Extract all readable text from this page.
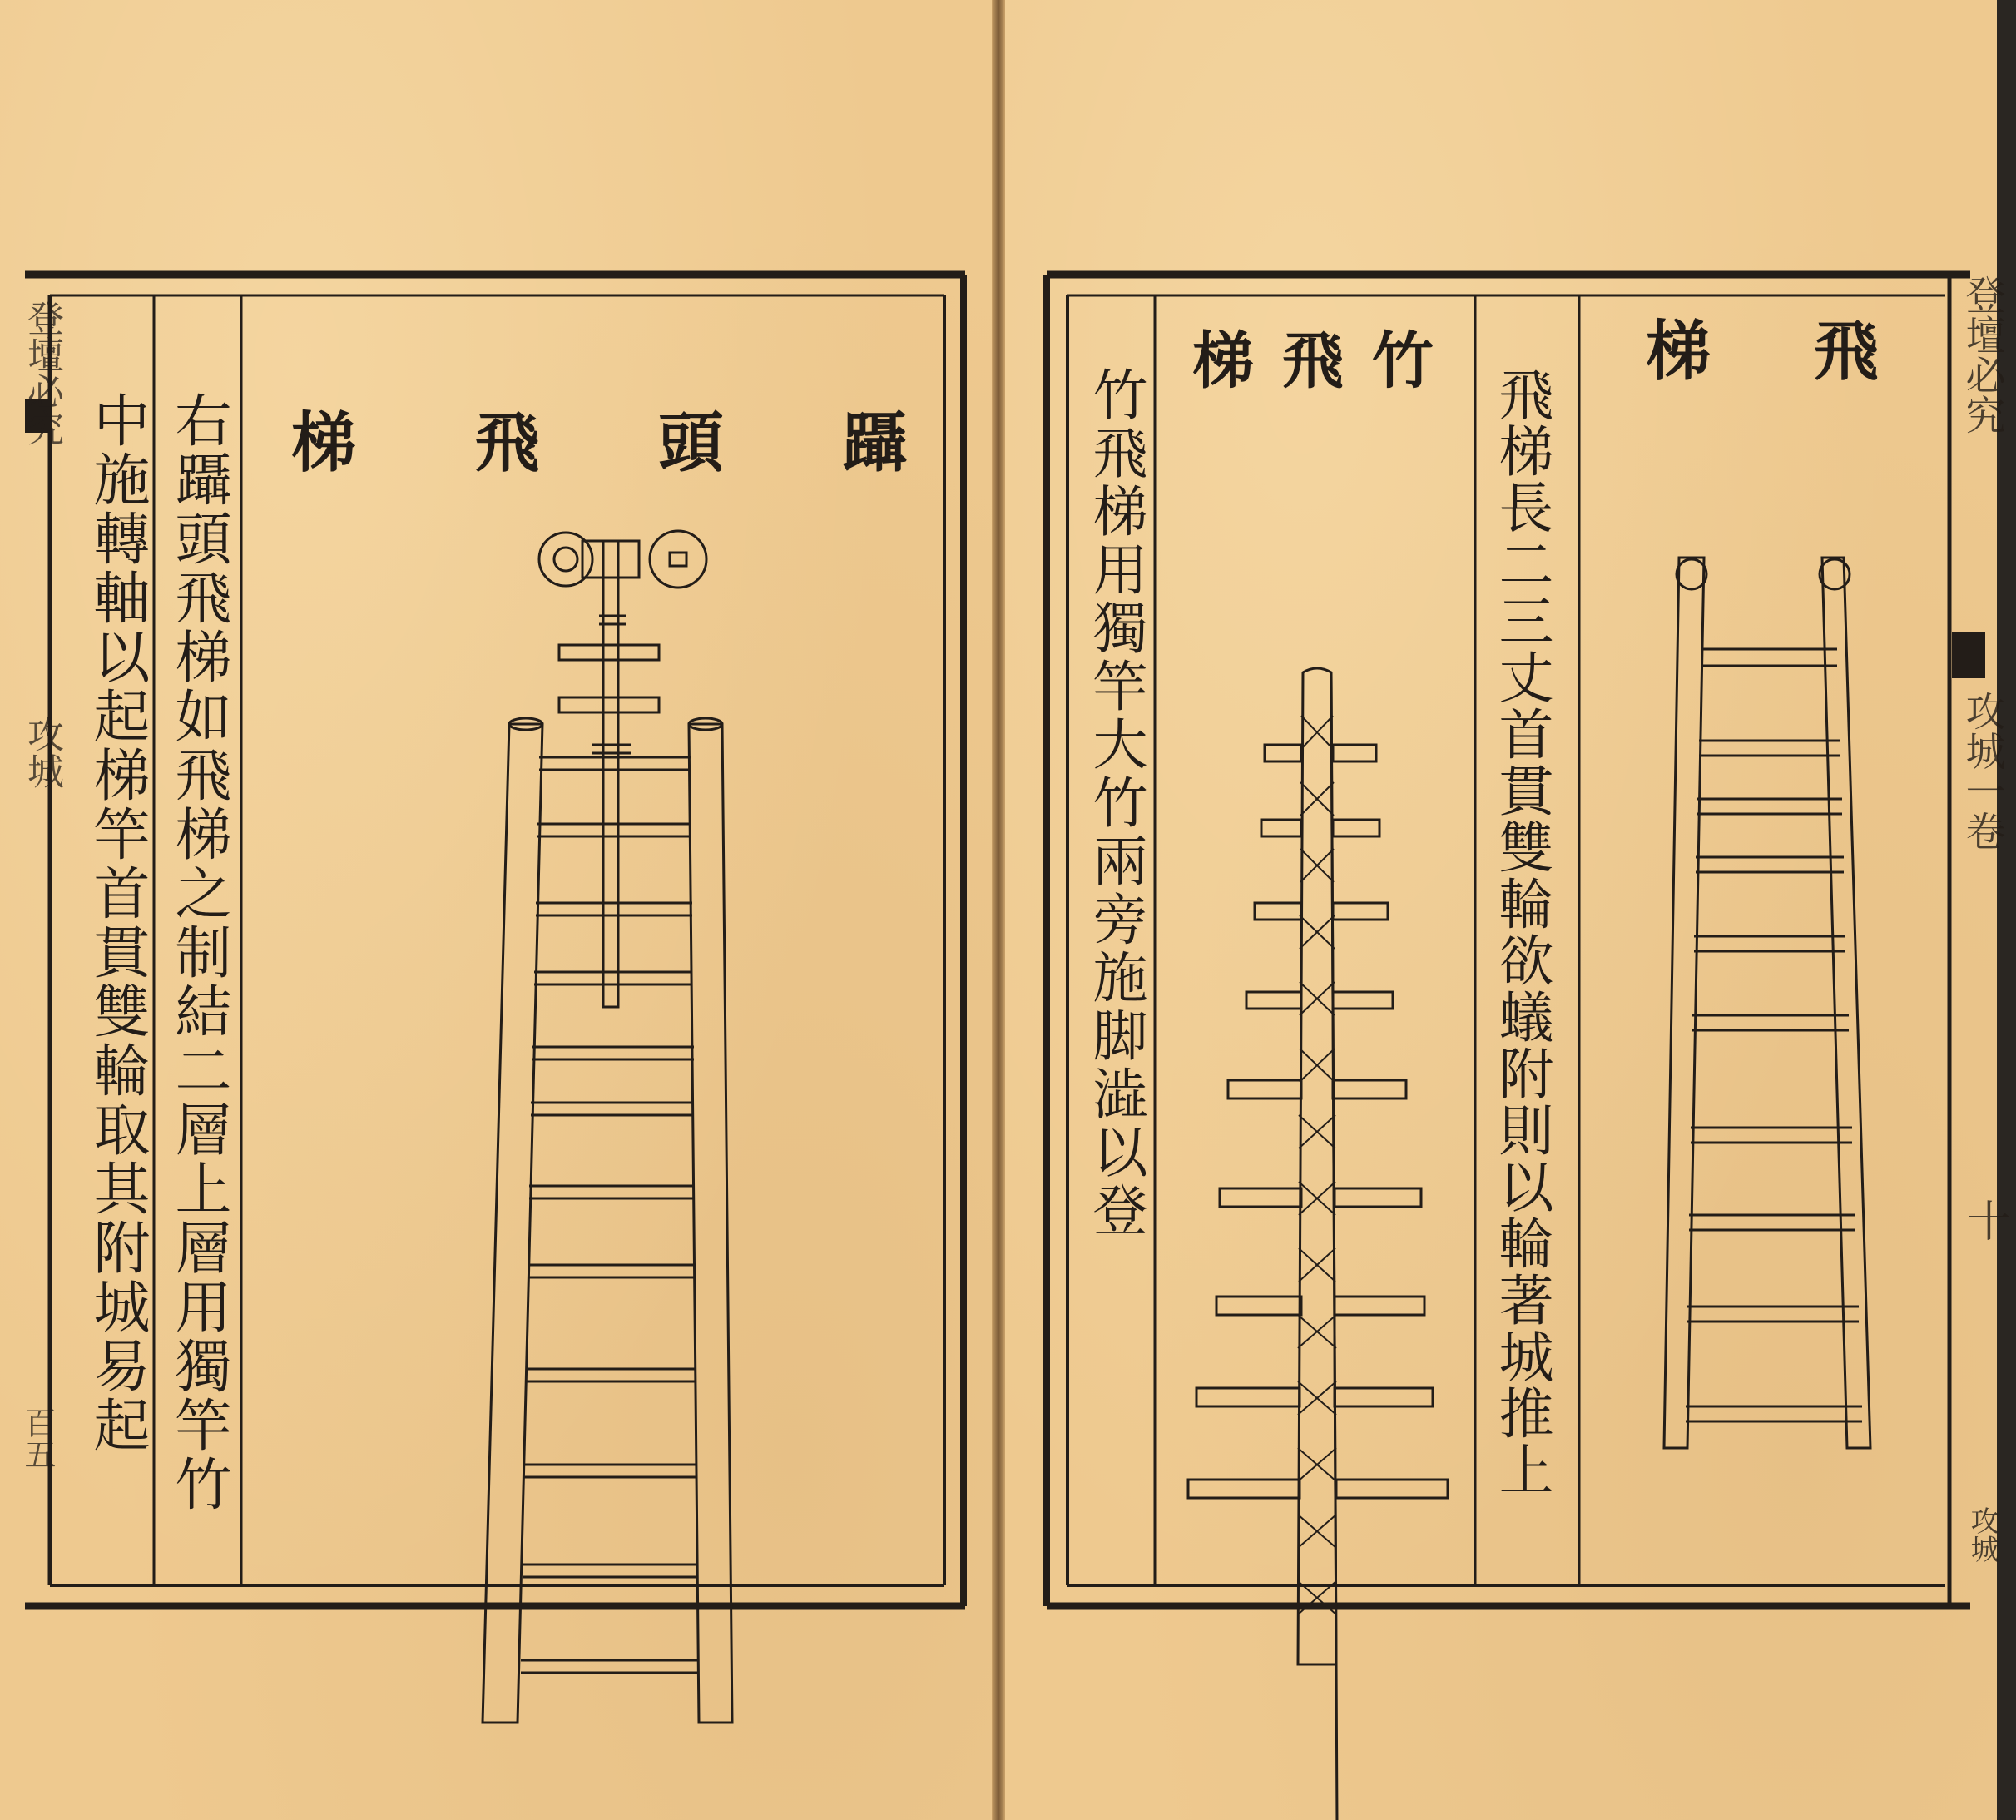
梯 飛 頭 躡
右躡頭飛梯如飛梯之制結二層上層用獨竿竹
中施轉軸以起梯竿首貫雙輪取其附城易起
登壇必究
攻城
百五
飛
梯
竹
飛
梯
飛梯長二三丈首貫雙輪欲蟻附則以輪著城推上
竹飛梯用獨竿大竹兩旁施脚澁以登
登壇必究
攻城一卷
十
攻城
